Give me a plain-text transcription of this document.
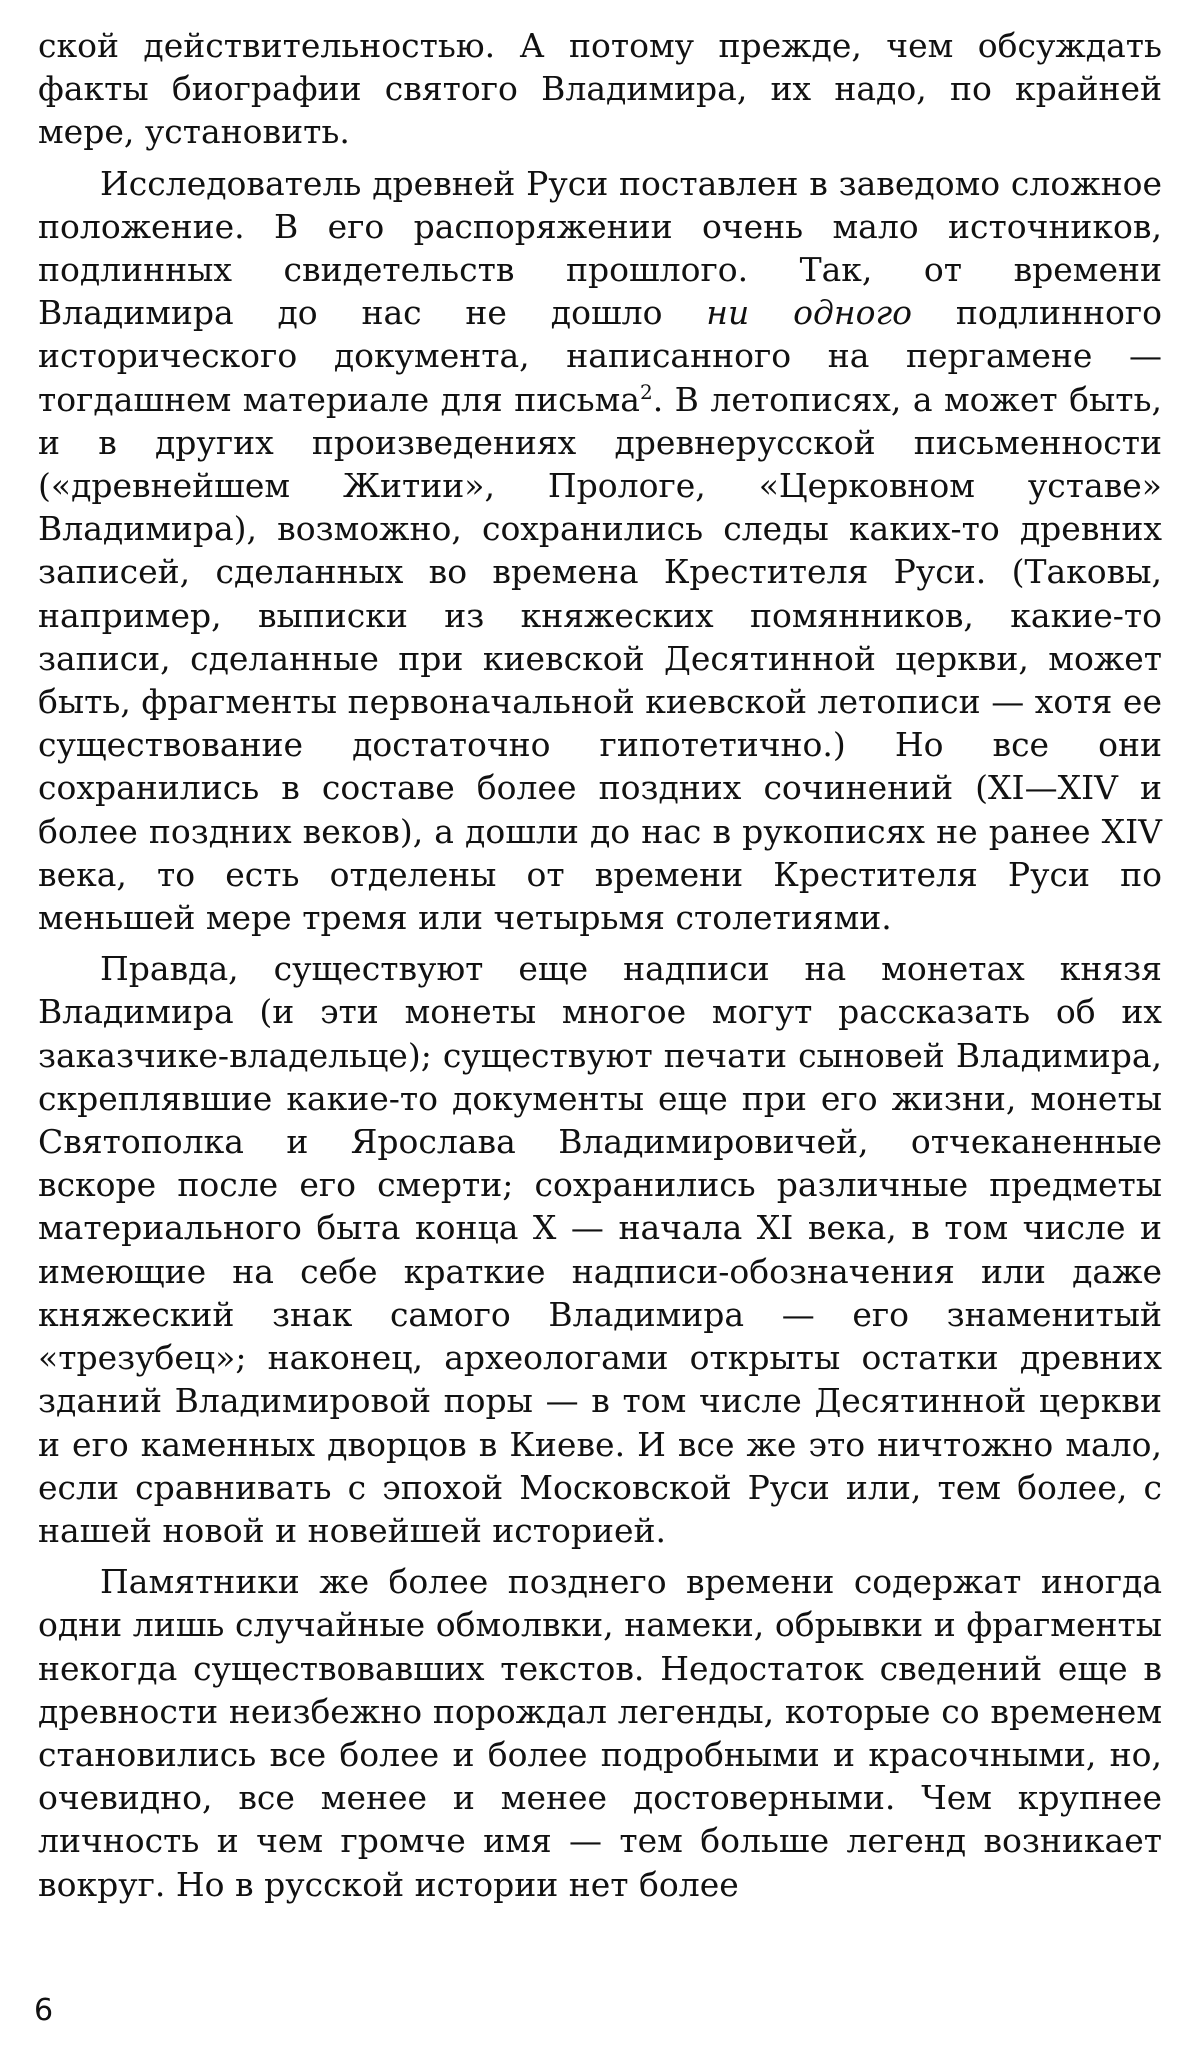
ской действительностью. А потому прежде, чем обсуждать факты биографии святого Владимира, их надо, по крайней мере, установить.

Исследователь древней Руси поставлен в заведомо сложное положение. В его распоряжении очень мало источников, подлинных свидетельств прошлого. Так, от времени Владимира до нас не дошло ни одного подлинного исторического документа, написанного на пергамене — тогдашнем материале для письма$^2$. В летописях, а может быть, и в других произведениях древнерусской письменности («древнейшем Житии», Прологе, «Церковном уставе» Владимира), возможно, сохранились следы каких-то древних записей, сделанных во времена Крестителя Руси. (Таковы, например, выписки из княжеских помянников, какие-то записи, сделанные при киевской Десятинной церкви, может быть, фрагменты первоначальной киевской летописи — хотя ее существование достаточно гипотетично.) Но все они сохранились в составе более поздних сочинений (XI—XIV и более поздних веков), а дошли до нас в рукописях не ранее XIV века, то есть отделены от времени Крестителя Руси по меньшей мере тремя или четырьмя столетиями.

Правда, существуют еще надписи на монетах князя Владимира (и эти монеты многое могут рассказать об их заказчике-владельце); существуют печати сыновей Владимира, скреплявшие какие-то документы еще при его жизни, монеты Святополка и Ярослава Владимировичей, отчеканенные вскоре после его смерти; сохранились различные предметы материального быта конца X — начала XI века, в том числе и имеющие на себе краткие надписи-обозначения или даже княжеский знак самого Владимира — его знаменитый «трезубец»; наконец, археологами открыты остатки древних зданий Владимировой поры — в том числе Десятинной церкви и его каменных дворцов в Киеве. И все же это ничтожно мало, если сравнивать с эпохой Московской Руси или, тем более, с нашей новой и новейшей историей.

Памятники же более позднего времени содержат иногда одни лишь случайные обмолвки, намеки, обрывки и фрагменты некогда существовавших текстов. Недостаток сведений еще в древности неизбежно порождал легенды, которые со временем становились все более и более подробными и красочными, но, очевидно, все менее и менее достоверными. Чем крупнее личность и чем громче имя — тем больше легенд возникает вокруг. Но в русской истории нет более

6
